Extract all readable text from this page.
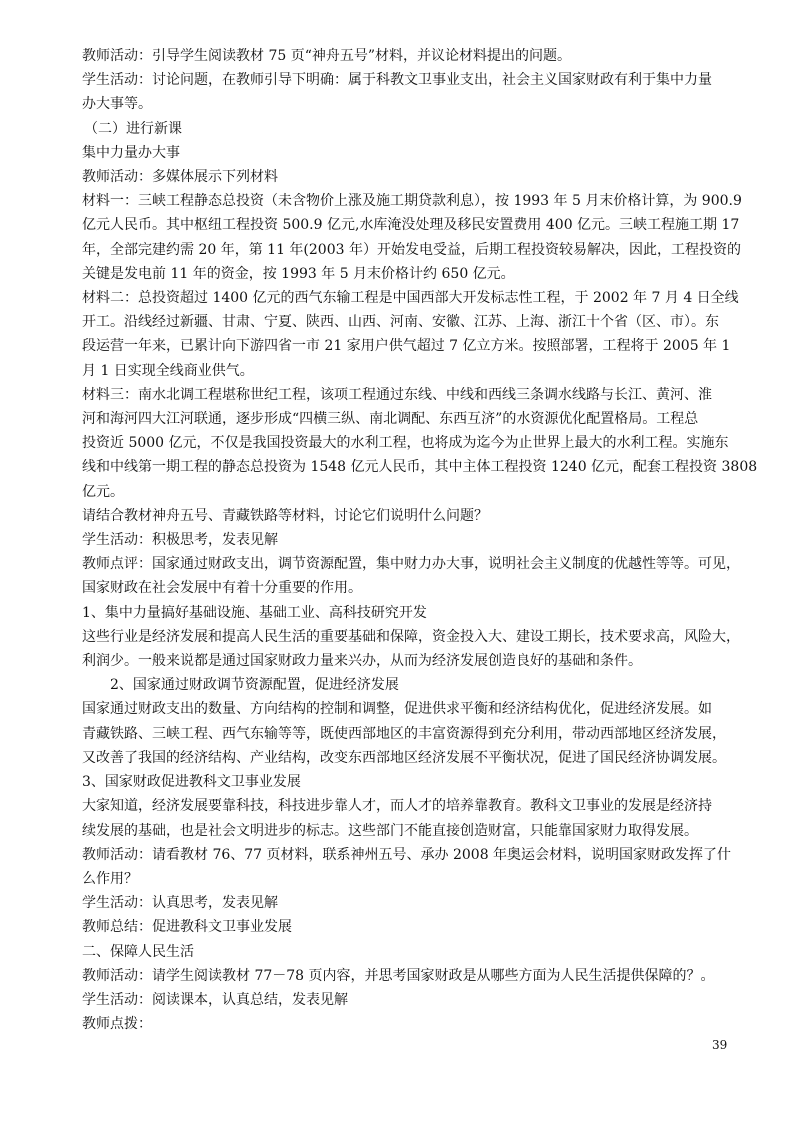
教师活动：引导学生阅读教材 75 页“神舟五号”材料，并议论材料提出的问题。

学生活动：讨论问题，在教师引导下明确：属于科教文卫事业支出，社会主义国家财政有利于集中力量

办大事等。

（二）进行新课

集中力量办大事

教师活动：多媒体展示下列材料

材料一：三峡工程静态总投资（未含物价上涨及施工期贷款利息），按 1993 年 5 月末价格计算，为 900.9

亿元人民币。其中枢纽工程投资 500.9 亿元,水库淹没处理及移民安置费用 400 亿元。三峡工程施工期 17

年，全部完建约需 20 年，第 11 年(2003 年）开始发电受益，后期工程投资较易解决，因此，工程投资的

关键是发电前 11 年的资金，按 1993 年 5 月末价格计约 650 亿元。

材料二：总投资超过 1400 亿元的西气东输工程是中国西部大开发标志性工程，于 2002 年 7 月 4 日全线

开工。沿线经过新疆、甘肃、宁夏、陕西、山西、河南、安徽、江苏、上海、浙江十个省（区、市）。东

段运营一年来，已累计向下游四省一市 21 家用户供气超过 7 亿立方米。按照部署，工程将于 2005 年 1

月 1 日实现全线商业供气。

材料三：南水北调工程堪称世纪工程，该项工程通过东线、中线和西线三条调水线路与长江、黄河、淮

河和海河四大江河联通，逐步形成“四横三纵、南北调配、东西互济”的水资源优化配置格局。工程总

投资近 5000 亿元，不仅是我国投资最大的水利工程，也将成为迄今为止世界上最大的水利工程。实施东

线和中线第一期工程的静态总投资为 1548 亿元人民币，其中主体工程投资 1240 亿元，配套工程投资 3808

亿元。

请结合教材神舟五号、青藏铁路等材料，讨论它们说明什么问题？

学生活动：积极思考，发表见解

教师点评：国家通过财政支出，调节资源配置，集中财力办大事，说明社会主义制度的优越性等等。可见，

国家财政在社会发展中有着十分重要的作用。

1、集中力量搞好基础设施、基础工业、高科技研究开发

这些行业是经济发展和提高人民生活的重要基础和保障，资金投入大、建设工期长，技术要求高，风险大，

利润少。一般来说都是通过国家财政力量来兴办，从而为经济发展创造良好的基础和条件。

2、国家通过财政调节资源配置，促进经济发展

国家通过财政支出的数量、方向结构的控制和调整，促进供求平衡和经济结构优化，促进经济发展。如

青藏铁路、三峡工程、西气东输等等，既使西部地区的丰富资源得到充分利用，带动西部地区经济发展，

又改善了我国的经济结构、产业结构，改变东西部地区经济发展不平衡状况，促进了国民经济协调发展。

3、国家财政促进教科文卫事业发展

大家知道，经济发展要靠科技，科技进步靠人才，而人才的培养靠教育。教科文卫事业的发展是经济持

续发展的基础，也是社会文明进步的标志。这些部门不能直接创造财富，只能靠国家财力取得发展。

教师活动：请看教材 76、77 页材料，联系神州五号、承办 2008 年奥运会材料，说明国家财政发挥了什

么作用？

学生活动：认真思考，发表见解

教师总结：促进教科文卫事业发展

二、保障人民生活

教师活动：请学生阅读教材 77－78 页内容，并思考国家财政是从哪些方面为人民生活提供保障的？。

学生活动：阅读课本，认真总结，发表见解

教师点拨：

39
